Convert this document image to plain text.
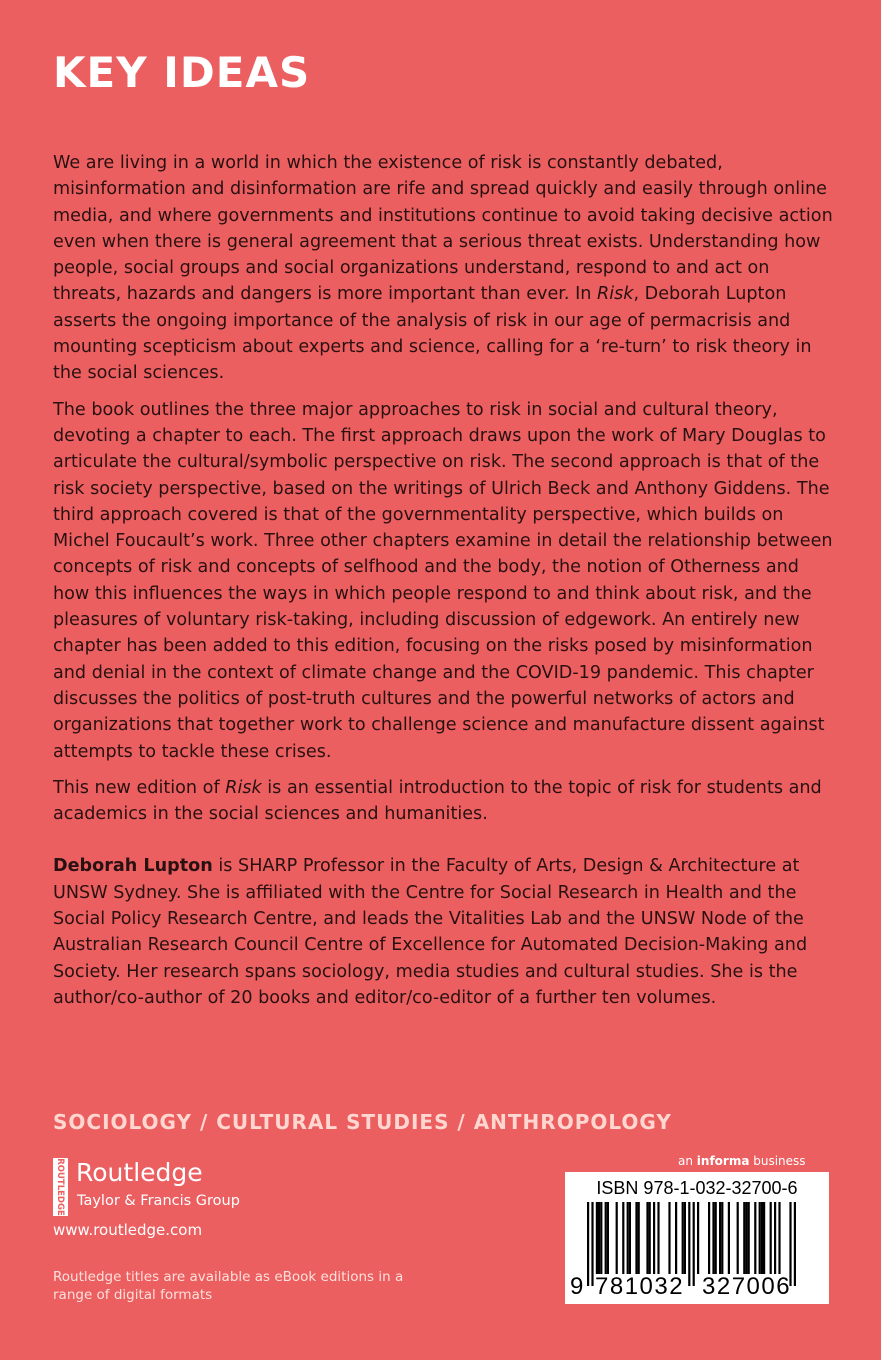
KEY IDEAS

We are living in a world in which the existence of risk is constantly debated, misinformation and disinformation are rife and spread quickly and easily through online media, and where governments and institutions continue to avoid taking decisive action even when there is general agreement that a serious threat exists. Understanding how people, social groups and social organizations understand, respond to and act on threats, hazards and dangers is more important than ever. In Risk, Deborah Lupton asserts the ongoing importance of the analysis of risk in our age of permacrisis and mounting scepticism about experts and science, calling for a ‘re-turn’ to risk theory in the social sciences.

The book outlines the three major approaches to risk in social and cultural theory, devoting a chapter to each. The first approach draws upon the work of Mary Douglas to articulate the cultural/symbolic perspective on risk. The second approach is that of the risk society perspective, based on the writings of Ulrich Beck and Anthony Giddens. The third approach covered is that of the governmentality perspective, which builds on Michel Foucault’s work. Three other chapters examine in detail the relationship between concepts of risk and concepts of selfhood and the body, the notion of Otherness and how this influences the ways in which people respond to and think about risk, and the pleasures of voluntary risk-taking, including discussion of edgework. An entirely new chapter has been added to this edition, focusing on the risks posed by misinformation and denial in the context of climate change and the COVID-19 pandemic. This chapter discusses the politics of post-truth cultures and the powerful networks of actors and organizations that together work to challenge science and manufacture dissent against attempts to tackle these crises.

This new edition of Risk is an essential introduction to the topic of risk for students and academics in the social sciences and humanities.

Deborah Lupton is SHARP Professor in the Faculty of Arts, Design & Architecture at UNSW Sydney. She is affiliated with the Centre for Social Research in Health and the Social Policy Research Centre, and leads the Vitalities Lab and the UNSW Node of the Australian Research Council Centre of Excellence for Automated Decision-Making and Society. Her research spans sociology, media studies and cultural studies. She is the author/co-author of 20 books and editor/co-editor of a further ten volumes.

SOCIOLOGY / CULTURAL STUDIES / ANTHROPOLOGY
ROUTLEDGE Routledge
Taylor & Francis Group
www.routledge.com
Routledge titles are available as eBook editions in a range of digital formats
an informa business
ISBN 978-1-032-32700-6
9 781032 327006
